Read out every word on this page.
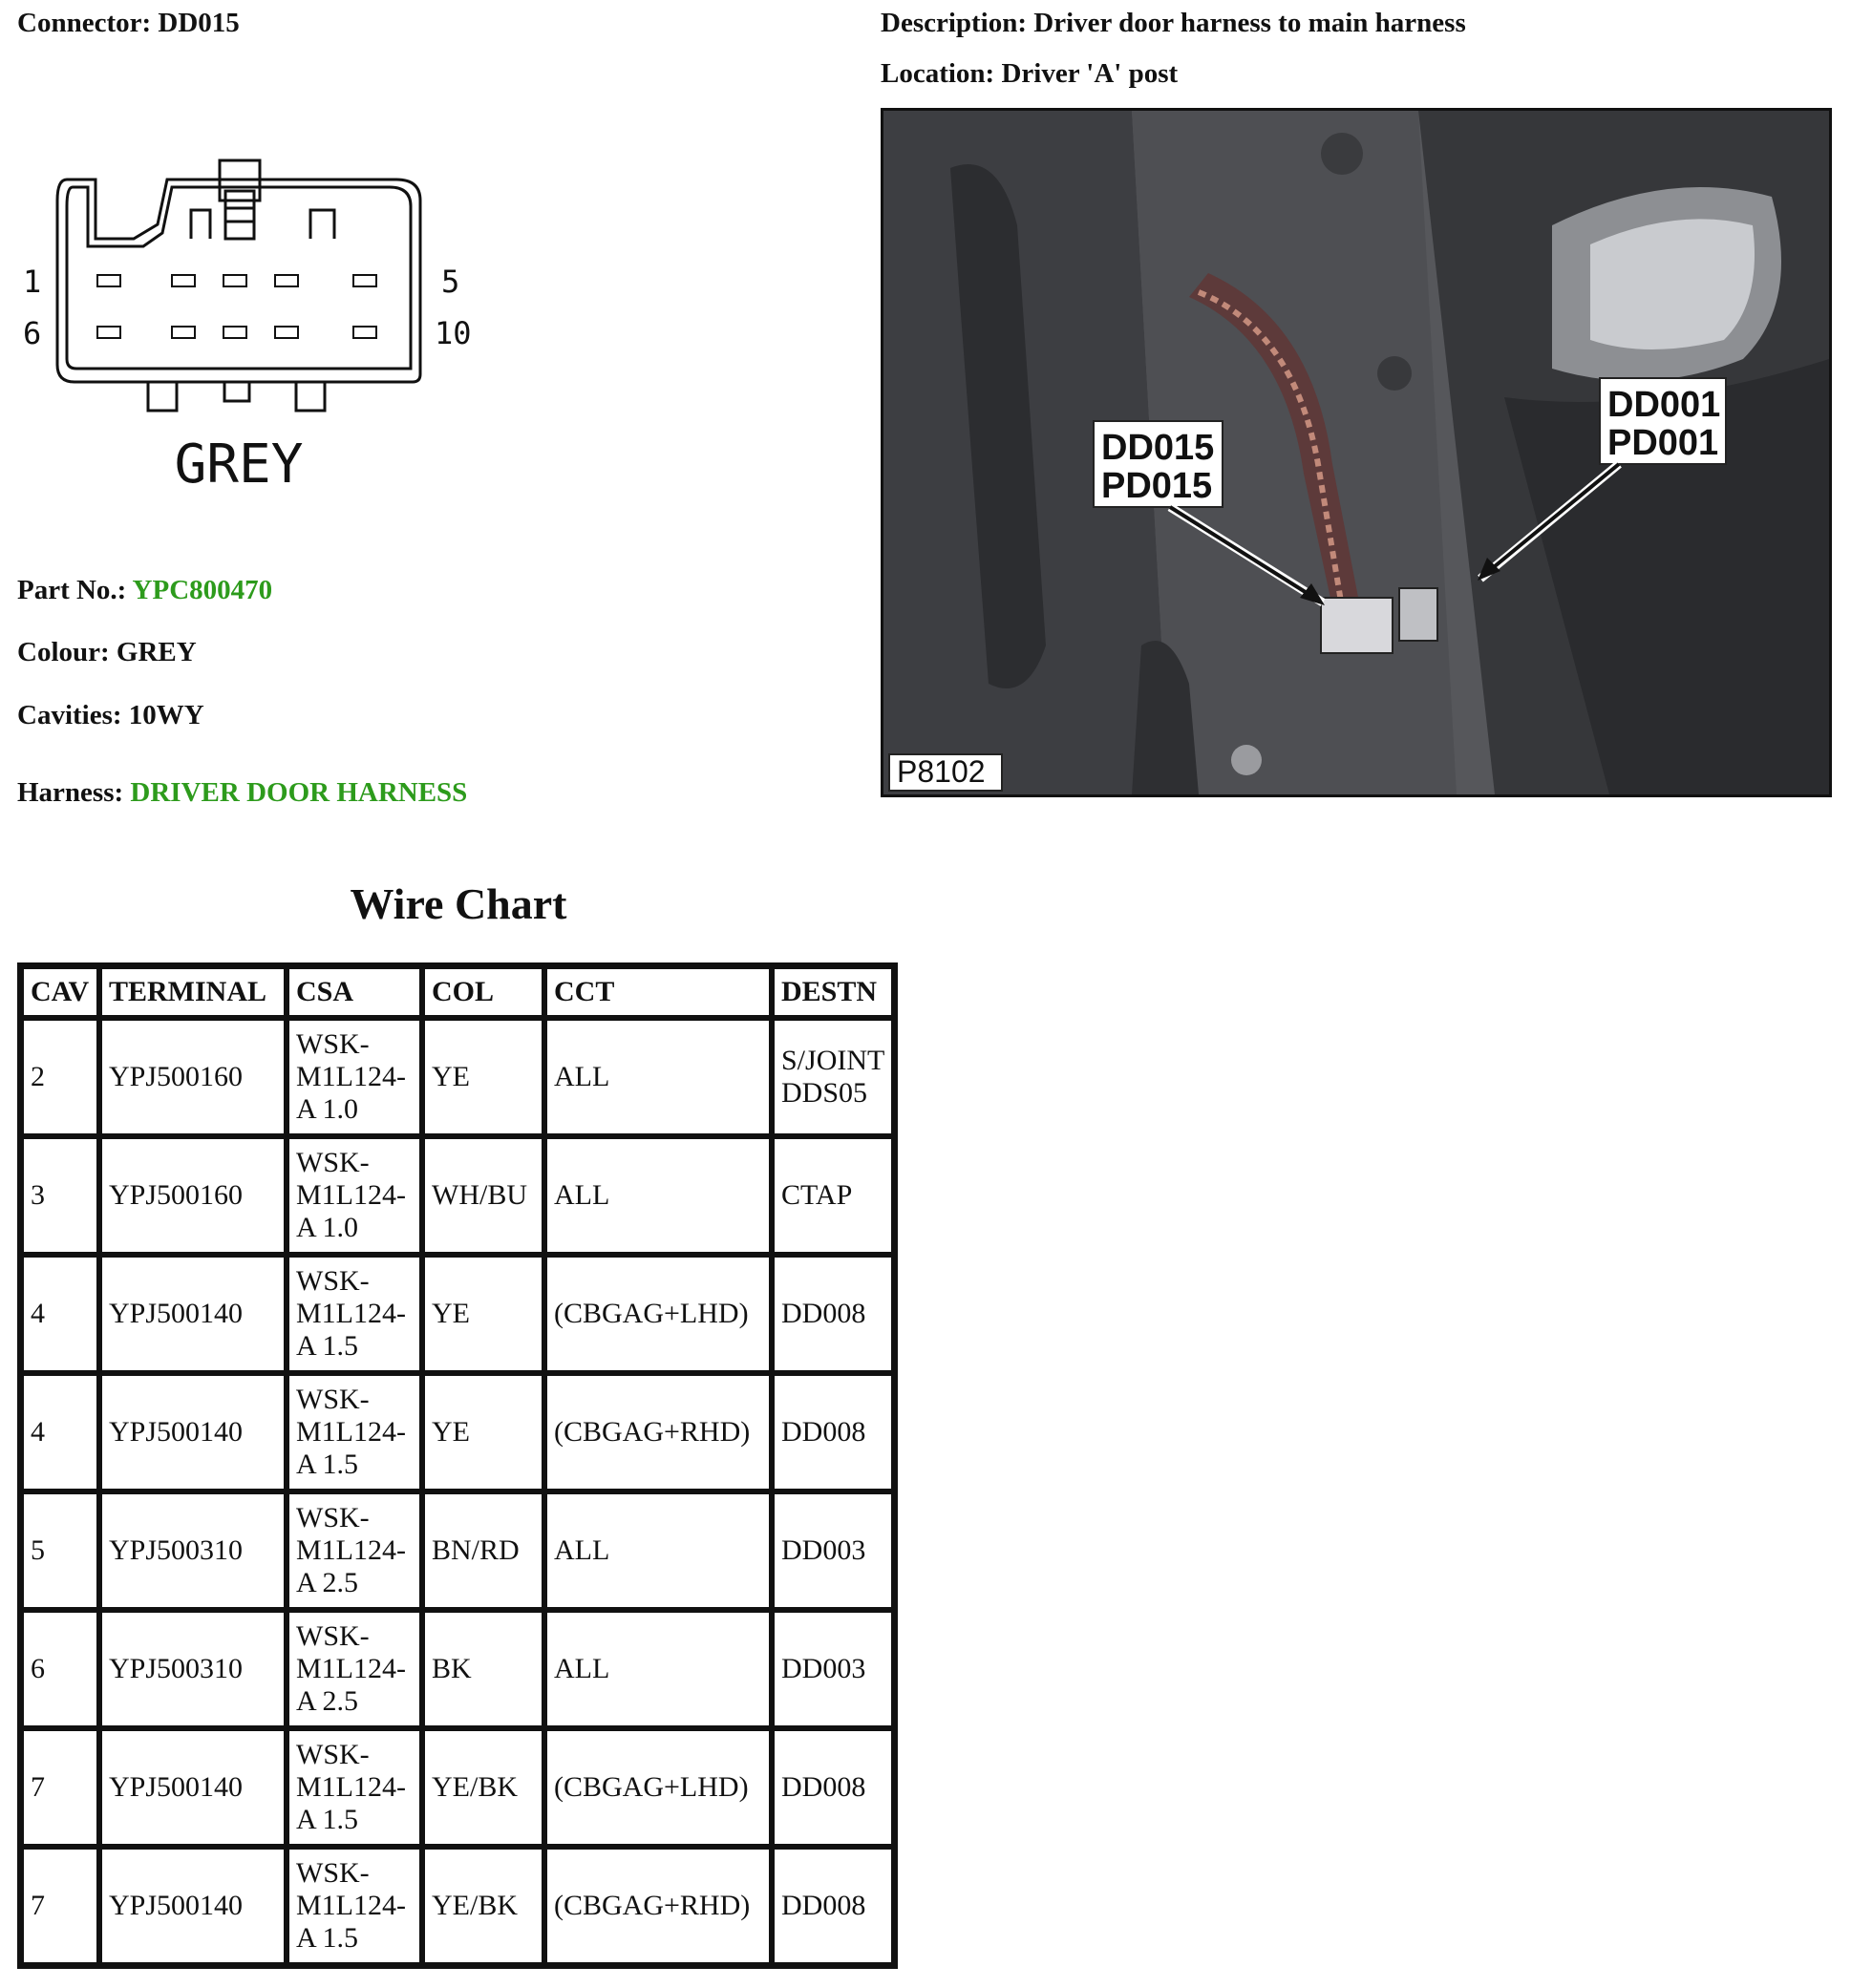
Connector: DD015	Description: Driver door harness to main harness
Location: Driver 'A' post
1
6
5
10
GREY
Part No.: YPC800470
Colour: GREY
Cavities: 10WY
Harness: DRIVER DOOR HARNESS
DD015
PD015
DD001
PD001
P8102
Wire Chart
CAV	TERMINAL	CSA	COL	CCT	DESTN
2	YPJ500160	WSK-M1L124-A 1.0	YE	ALL	S/JOINT DDS05
3	YPJ500160	WSK-M1L124-A 1.0	WH/BU	ALL	CTAP
4	YPJ500140	WSK-M1L124-A 1.5	YE	(CBGAG+LHD)	DD008
4	YPJ500140	WSK-M1L124-A 1.5	YE	(CBGAG+RHD)	DD008
5	YPJ500310	WSK-M1L124-A 2.5	BN/RD	ALL	DD003
6	YPJ500310	WSK-M1L124-A 2.5	BK	ALL	DD003
7	YPJ500140	WSK-M1L124-A 1.5	YE/BK	(CBGAG+LHD)	DD008
7	YPJ500140	WSK-M1L124-A 1.5	YE/BK	(CBGAG+RHD)	DD008
